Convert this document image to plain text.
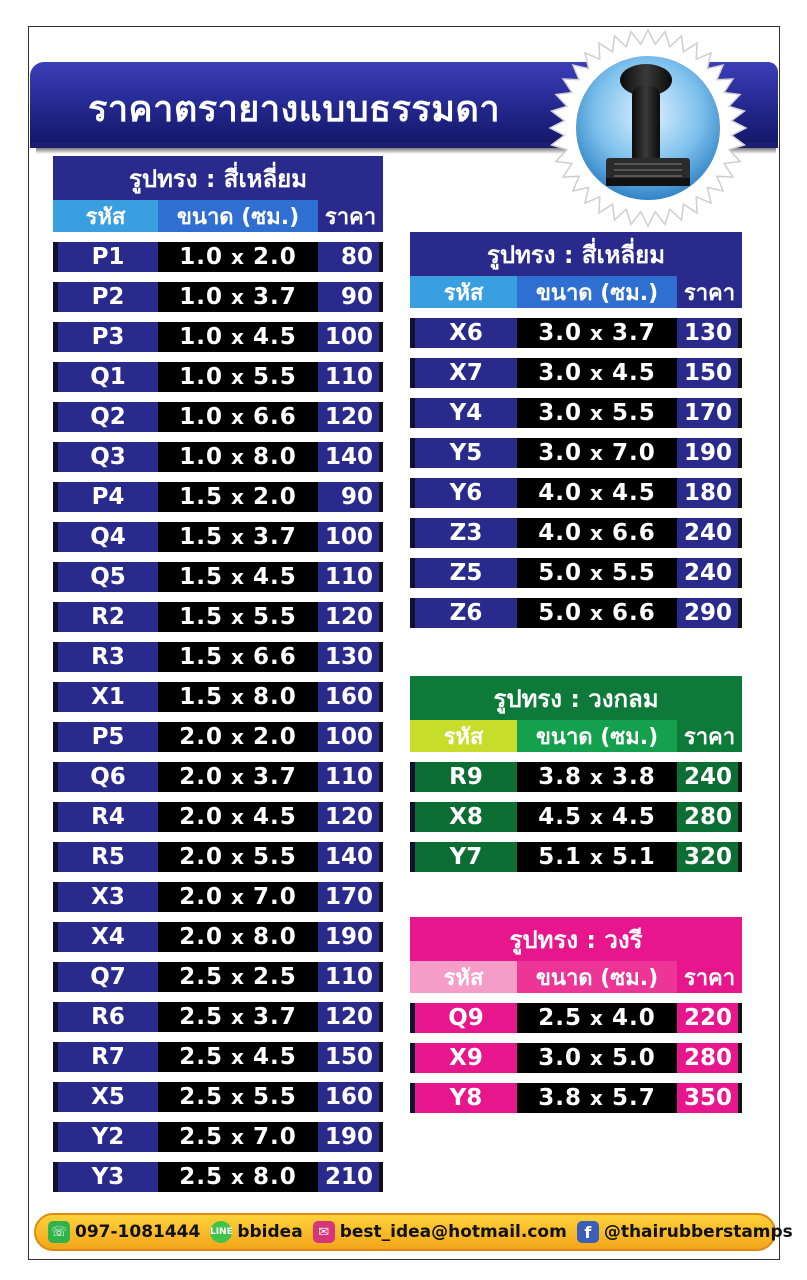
ราคาตรายางแบบธรรมดา
รูปทรง : สี่เหลี่ยม
รหัส	ขนาด (ซม.)	ราคา
P1	1.0 x 2.0	80
P2	1.0 x 3.7	90
P3	1.0 x 4.5	100
Q1	1.0 x 5.5	110
Q2	1.0 x 6.6	120
Q3	1.0 x 8.0	140
P4	1.5 x 2.0	90
Q4	1.5 x 3.7	100
Q5	1.5 x 4.5	110
R2	1.5 x 5.5	120
R3	1.5 x 6.6	130
X1	1.5 x 8.0	160
P5	2.0 x 2.0	100
Q6	2.0 x 3.7	110
R4	2.0 x 4.5	120
R5	2.0 x 5.5	140
X3	2.0 x 7.0	170
X4	2.0 x 8.0	190
Q7	2.5 x 2.5	110
R6	2.5 x 3.7	120
R7	2.5 x 4.5	150
X5	2.5 x 5.5	160
Y2	2.5 x 7.0	190
Y3	2.5 x 8.0	210
รูปทรง : สี่เหลี่ยม
รหัส	ขนาด (ซม.)	ราคา
X6	3.0 x 3.7	130
X7	3.0 x 4.5	150
Y4	3.0 x 5.5	170
Y5	3.0 x 7.0	190
Y6	4.0 x 4.5	180
Z3	4.0 x 6.6	240
Z5	5.0 x 5.5	240
Z6	5.0 x 6.6	290
รูปทรง : วงกลม
รหัส	ขนาด (ซม.)	ราคา
R9	3.8 x 3.8	240
X8	4.5 x 4.5	280
Y7	5.1 x 5.1	320
รูปทรง : วงรี
รหัส	ขนาด (ซม.)	ราคา
Q9	2.5 x 4.0	220
X9	3.0 x 5.0	280
Y8	3.8 x 5.7	350
☏ 097-1081444 LINE bbidea	✉ best_idea@hotmail.com	f @thairubberstamps
